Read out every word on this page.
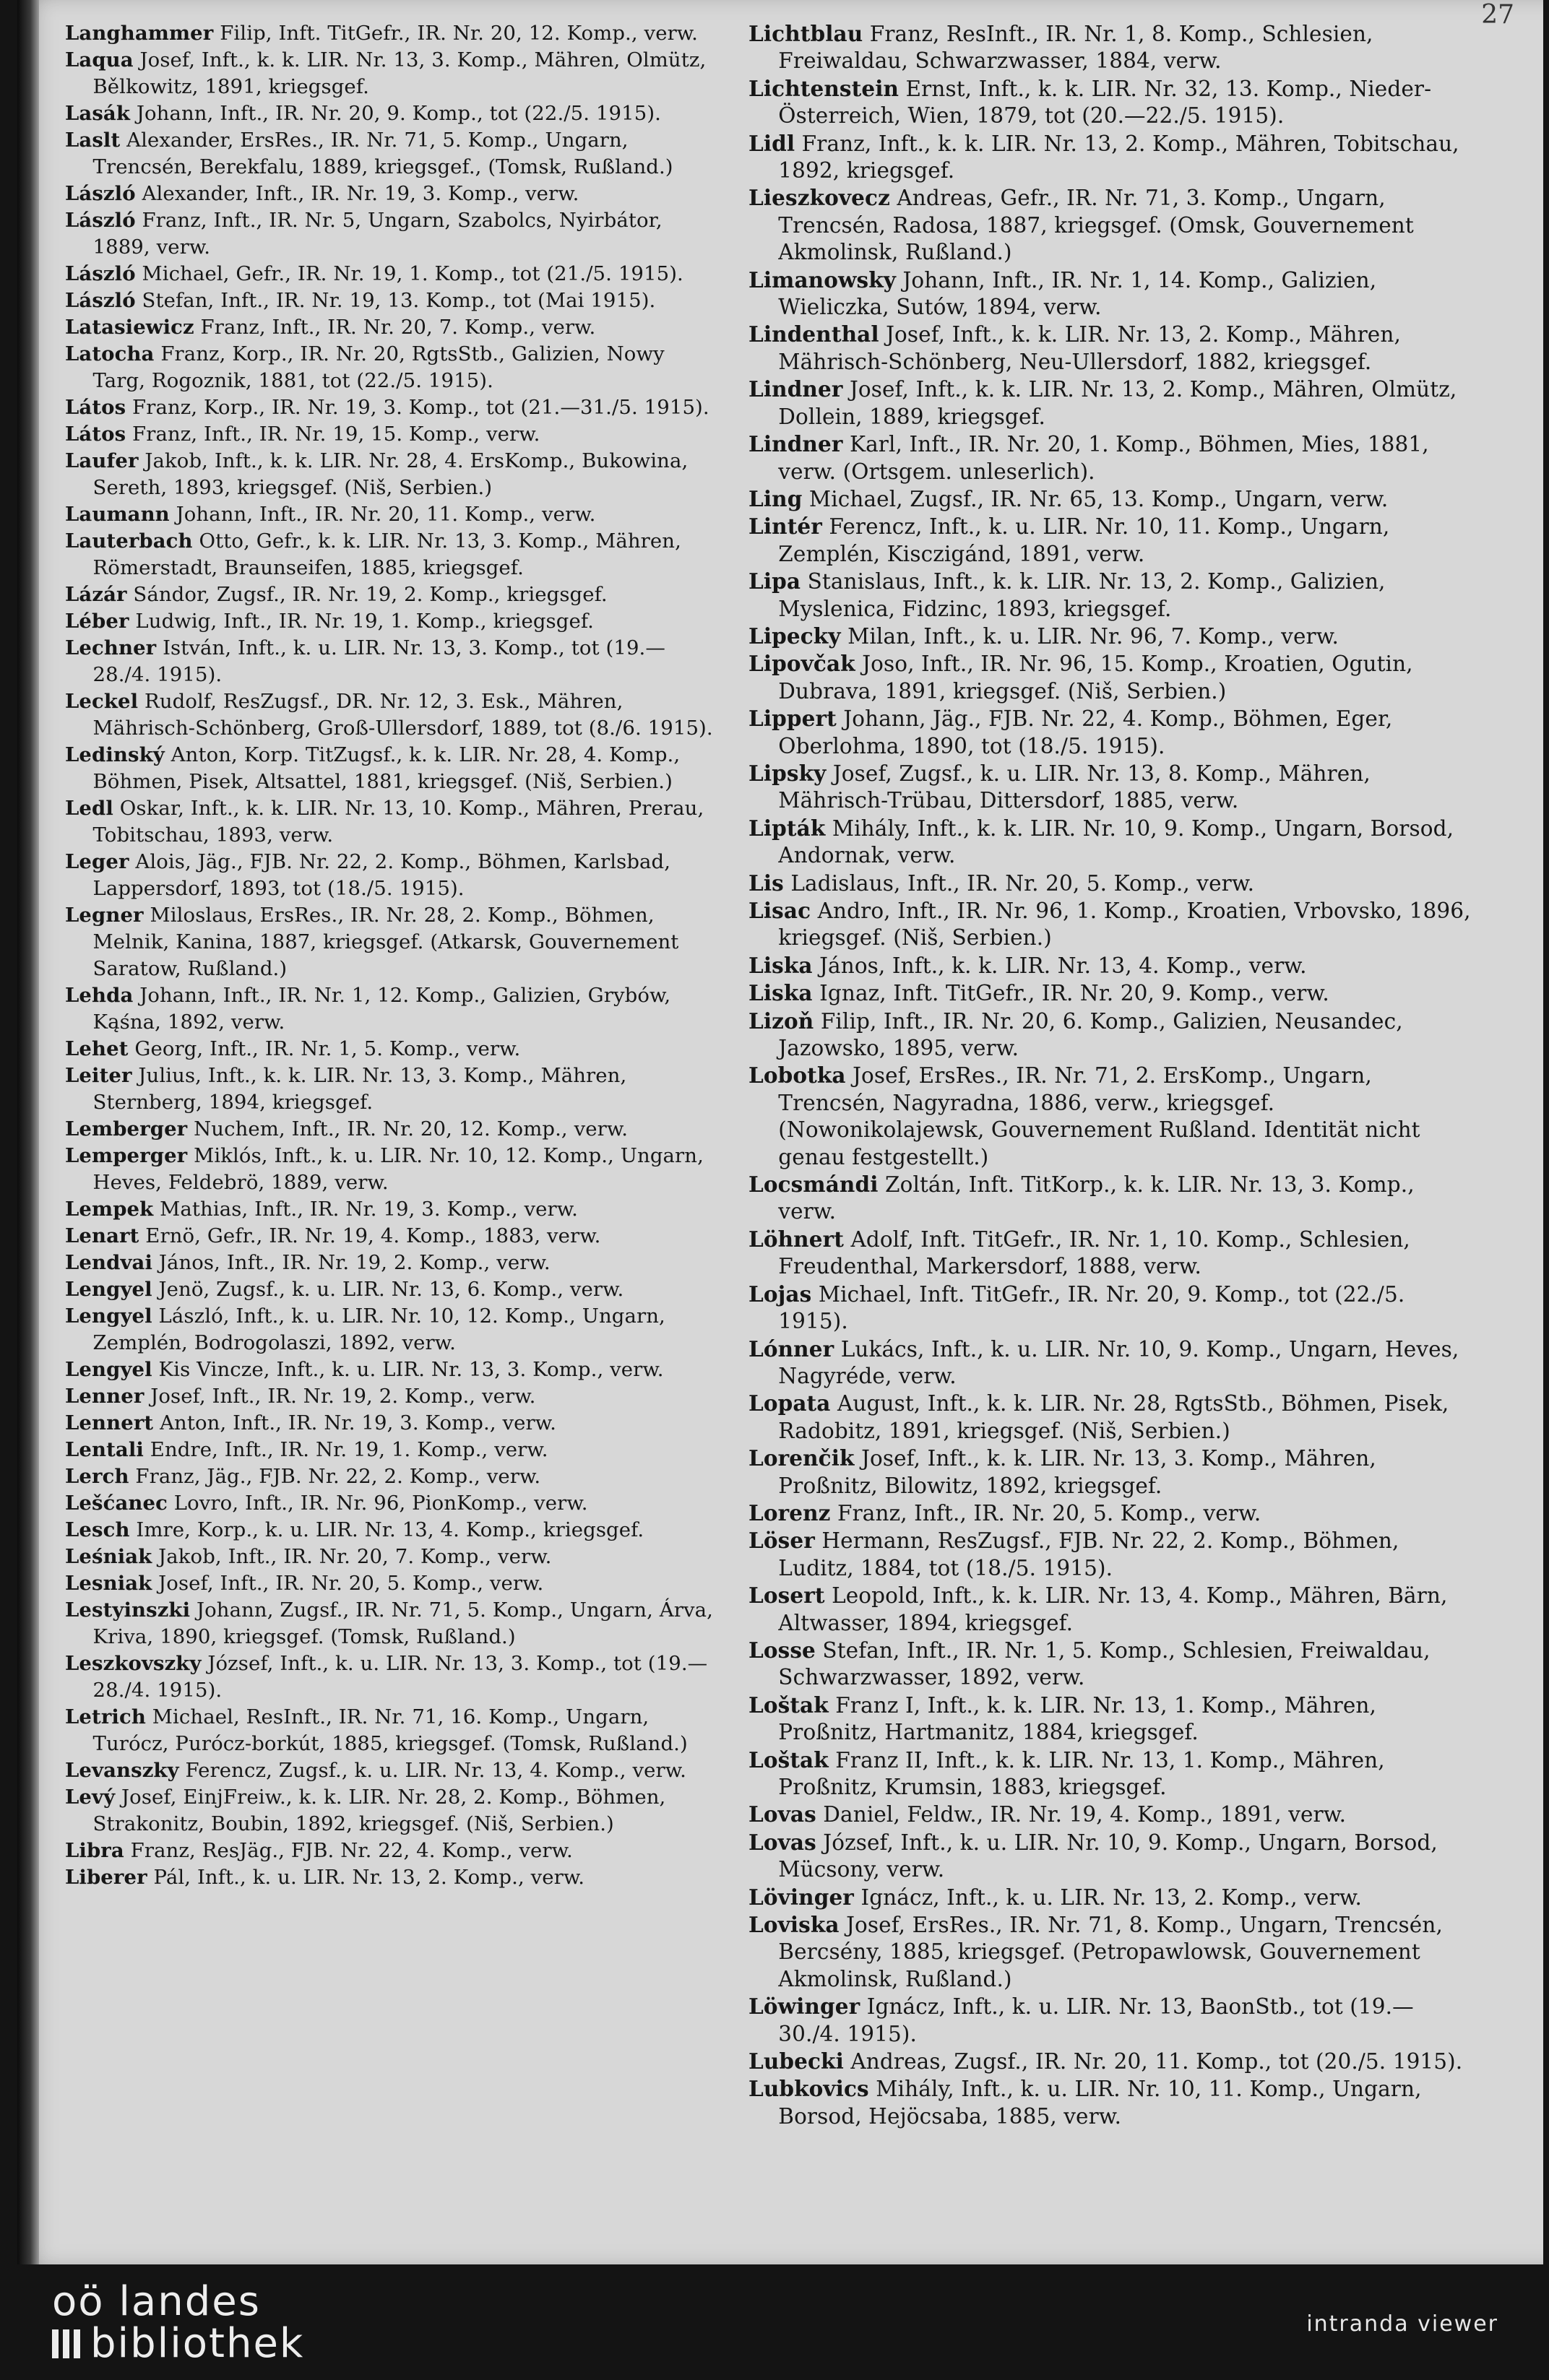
27

Langhammer Filip, Inft. TitGefr., IR. Nr. 20, 12. Komp., verw.

Laqua Josef, Inft., k. k. LIR. Nr. 13, 3. Komp., Mähren, Olmütz, Bělkowitz, 1891, kriegsgef.

Lasák Johann, Inft., IR. Nr. 20, 9. Komp., tot (22./5. 1915).

Laslt Alexander, ErsRes., IR. Nr. 71, 5. Komp., Ungarn, Trencsén, Berekfalu, 1889, kriegsgef., (Tomsk, Rußland.)

László Alexander, Inft., IR. Nr. 19, 3. Komp., verw.

László Franz, Inft., IR. Nr. 5, Ungarn, Szabolcs, Nyirbátor, 1889, verw.

László Michael, Gefr., IR. Nr. 19, 1. Komp., tot (21./5. 1915).

László Stefan, Inft., IR. Nr. 19, 13. Komp., tot (Mai 1915).

Latasiewicz Franz, Inft., IR. Nr. 20, 7. Komp., verw.

Latocha Franz, Korp., IR. Nr. 20, RgtsStb., Galizien, Nowy Targ, Rogoznik, 1881, tot (22./5. 1915).

Látos Franz, Korp., IR. Nr. 19, 3. Komp., tot (21.—31./5. 1915).

Látos Franz, Inft., IR. Nr. 19, 15. Komp., verw.

Laufer Jakob, Inft., k. k. LIR. Nr. 28, 4. ErsKomp., Bukowina, Sereth, 1893, kriegsgef. (Niš, Serbien.)

Laumann Johann, Inft., IR. Nr. 20, 11. Komp., verw.

Lauterbach Otto, Gefr., k. k. LIR. Nr. 13, 3. Komp., Mähren, Römerstadt, Braunseifen, 1885, kriegsgef.

Lázár Sándor, Zugsf., IR. Nr. 19, 2. Komp., kriegsgef.

Léber Ludwig, Inft., IR. Nr. 19, 1. Komp., kriegsgef.

Lechner István, Inft., k. u. LIR. Nr. 13, 3. Komp., tot (19.—28./4. 1915).

Leckel Rudolf, ResZugsf., DR. Nr. 12, 3. Esk., Mähren, Mährisch-Schönberg, Groß-Ullersdorf, 1889, tot (8./6. 1915).

Ledinský Anton, Korp. TitZugsf., k. k. LIR. Nr. 28, 4. Komp., Böhmen, Pisek, Altsattel, 1881, kriegsgef. (Niš, Serbien.)

Ledl Oskar, Inft., k. k. LIR. Nr. 13, 10. Komp., Mähren, Prerau, Tobitschau, 1893, verw.

Leger Alois, Jäg., FJB. Nr. 22, 2. Komp., Böhmen, Karlsbad, Lappersdorf, 1893, tot (18./5. 1915).

Legner Miloslaus, ErsRes., IR. Nr. 28, 2. Komp., Böhmen, Melnik, Kanina, 1887, kriegsgef. (Atkarsk, Gouvernement Saratow, Rußland.)

Lehda Johann, Inft., IR. Nr. 1, 12. Komp., Galizien, Grybów, Kąśna, 1892, verw.

Lehet Georg, Inft., IR. Nr. 1, 5. Komp., verw.

Leiter Julius, Inft., k. k. LIR. Nr. 13, 3. Komp., Mähren, Sternberg, 1894, kriegsgef.

Lemberger Nuchem, Inft., IR. Nr. 20, 12. Komp., verw.

Lemperger Miklós, Inft., k. u. LIR. Nr. 10, 12. Komp., Ungarn, Heves, Feldebrö, 1889, verw.

Lempek Mathias, Inft., IR. Nr. 19, 3. Komp., verw.

Lenart Ernö, Gefr., IR. Nr. 19, 4. Komp., 1883, verw.

Lendvai János, Inft., IR. Nr. 19, 2. Komp., verw.

Lengyel Jenö, Zugsf., k. u. LIR. Nr. 13, 6. Komp., verw.

Lengyel László, Inft., k. u. LIR. Nr. 10, 12. Komp., Ungarn, Zemplén, Bodrogolaszi, 1892, verw.

Lengyel Kis Vincze, Inft., k. u. LIR. Nr. 13, 3. Komp., verw.

Lenner Josef, Inft., IR. Nr. 19, 2. Komp., verw.

Lennert Anton, Inft., IR. Nr. 19, 3. Komp., verw.

Lentali Endre, Inft., IR. Nr. 19, 1. Komp., verw.

Lerch Franz, Jäg., FJB. Nr. 22, 2. Komp., verw.

Lešćanec Lovro, Inft., IR. Nr. 96, PionKomp., verw.

Lesch Imre, Korp., k. u. LIR. Nr. 13, 4. Komp., kriegsgef.

Leśniak Jakob, Inft., IR. Nr. 20, 7. Komp., verw.

Lesniak Josef, Inft., IR. Nr. 20, 5. Komp., verw.

Lestyinszki Johann, Zugsf., IR. Nr. 71, 5. Komp., Ungarn, Árva, Kriva, 1890, kriegsgef. (Tomsk, Rußland.)

Leszkovszky József, Inft., k. u. LIR. Nr. 13, 3. Komp., tot (19.—28./4. 1915).

Letrich Michael, ResInft., IR. Nr. 71, 16. Komp., Ungarn, Turócz, Purócz-borkút, 1885, kriegsgef. (Tomsk, Rußland.)

Levanszky Ferencz, Zugsf., k. u. LIR. Nr. 13, 4. Komp., verw.

Levý Josef, EinjFreiw., k. k. LIR. Nr. 28, 2. Komp., Böhmen, Strakonitz, Boubin, 1892, kriegsgef. (Niš, Serbien.)

Libra Franz, ResJäg., FJB. Nr. 22, 4. Komp., verw.

Liberer Pál, Inft., k. u. LIR. Nr. 13, 2. Komp., verw.

Lichtblau Franz, ResInft., IR. Nr. 1, 8. Komp., Schlesien, Freiwaldau, Schwarzwasser, 1884, verw.

Lichtenstein Ernst, Inft., k. k. LIR. Nr. 32, 13. Komp., Nieder-Österreich, Wien, 1879, tot (20.—22./5. 1915).

Lidl Franz, Inft., k. k. LIR. Nr. 13, 2. Komp., Mähren, Tobitschau, 1892, kriegsgef.

Lieszkovecz Andreas, Gefr., IR. Nr. 71, 3. Komp., Ungarn, Trencsén, Radosa, 1887, kriegsgef. (Omsk, Gouvernement Akmolinsk, Rußland.)

Limanowsky Johann, Inft., IR. Nr. 1, 14. Komp., Galizien, Wieliczka, Sutów, 1894, verw.

Lindenthal Josef, Inft., k. k. LIR. Nr. 13, 2. Komp., Mähren, Mährisch-Schönberg, Neu-Ullersdorf, 1882, kriegsgef.

Lindner Josef, Inft., k. k. LIR. Nr. 13, 2. Komp., Mähren, Olmütz, Dollein, 1889, kriegsgef.

Lindner Karl, Inft., IR. Nr. 20, 1. Komp., Böhmen, Mies, 1881, verw. (Ortsgem. unleserlich).

Ling Michael, Zugsf., IR. Nr. 65, 13. Komp., Ungarn, verw.

Lintér Ferencz, Inft., k. u. LIR. Nr. 10, 11. Komp., Ungarn, Zemplén, Kisczigánd, 1891, verw.

Lipa Stanislaus, Inft., k. k. LIR. Nr. 13, 2. Komp., Galizien, Myslenica, Fidzinc, 1893, kriegsgef.

Lipecky Milan, Inft., k. u. LIR. Nr. 96, 7. Komp., verw.

Lipovčak Joso, Inft., IR. Nr. 96, 15. Komp., Kroatien, Ogutin, Dubrava, 1891, kriegsgef. (Niš, Serbien.)

Lippert Johann, Jäg., FJB. Nr. 22, 4. Komp., Böhmen, Eger, Oberlohma, 1890, tot (18./5. 1915).

Lipsky Josef, Zugsf., k. u. LIR. Nr. 13, 8. Komp., Mähren, Mährisch-Trübau, Dittersdorf, 1885, verw.

Lipták Mihály, Inft., k. k. LIR. Nr. 10, 9. Komp., Ungarn, Borsod, Andornak, verw.

Lis Ladislaus, Inft., IR. Nr. 20, 5. Komp., verw.

Lisac Andro, Inft., IR. Nr. 96, 1. Komp., Kroatien, Vrbovsko, 1896, kriegsgef. (Niš, Serbien.)

Liska János, Inft., k. k. LIR. Nr. 13, 4. Komp., verw.

Liska Ignaz, Inft. TitGefr., IR. Nr. 20, 9. Komp., verw.

Lizoň Filip, Inft., IR. Nr. 20, 6. Komp., Galizien, Neusandec, Jazowsko, 1895, verw.

Lobotka Josef, ErsRes., IR. Nr. 71, 2. ErsKomp., Ungarn, Trencsén, Nagyradna, 1886, verw., kriegsgef. (Nowonikolajewsk, Gouvernement Rußland. Identität nicht genau festgestellt.)

Locsmándi Zoltán, Inft. TitKorp., k. k. LIR. Nr. 13, 3. Komp., verw.

Löhnert Adolf, Inft. TitGefr., IR. Nr. 1, 10. Komp., Schlesien, Freudenthal, Markersdorf, 1888, verw.

Lojas Michael, Inft. TitGefr., IR. Nr. 20, 9. Komp., tot (22./5. 1915).

Lónner Lukács, Inft., k. u. LIR. Nr. 10, 9. Komp., Ungarn, Heves, Nagyréde, verw.

Lopata August, Inft., k. k. LIR. Nr. 28, RgtsStb., Böhmen, Pisek, Radobitz, 1891, kriegsgef. (Niš, Serbien.)

Lorenčik Josef, Inft., k. k. LIR. Nr. 13, 3. Komp., Mähren, Proßnitz, Bilowitz, 1892, kriegsgef.

Lorenz Franz, Inft., IR. Nr. 20, 5. Komp., verw.

Löser Hermann, ResZugsf., FJB. Nr. 22, 2. Komp., Böhmen, Luditz, 1884, tot (18./5. 1915).

Losert Leopold, Inft., k. k. LIR. Nr. 13, 4. Komp., Mähren, Bärn, Altwasser, 1894, kriegsgef.

Losse Stefan, Inft., IR. Nr. 1, 5. Komp., Schlesien, Freiwaldau, Schwarzwasser, 1892, verw.

Loštak Franz I, Inft., k. k. LIR. Nr. 13, 1. Komp., Mähren, Proßnitz, Hartmanitz, 1884, kriegsgef.

Loštak Franz II, Inft., k. k. LIR. Nr. 13, 1. Komp., Mähren, Proßnitz, Krumsin, 1883, kriegsgef.

Lovas Daniel, Feldw., IR. Nr. 19, 4. Komp., 1891, verw.

Lovas József, Inft., k. u. LIR. Nr. 10, 9. Komp., Ungarn, Borsod, Mücsony, verw.

Lövinger Ignácz, Inft., k. u. LIR. Nr. 13, 2. Komp., verw.

Loviska Josef, ErsRes., IR. Nr. 71, 8. Komp., Ungarn, Trencsén, Bercsény, 1885, kriegsgef. (Petropawlowsk, Gouvernement Akmolinsk, Rußland.)

Löwinger Ignácz, Inft., k. u. LIR. Nr. 13, BaonStb., tot (19.—30./4. 1915).

Lubecki Andreas, Zugsf., IR. Nr. 20, 11. Komp., tot (20./5. 1915).

Lubkovics Mihály, Inft., k. u. LIR. Nr. 10, 11. Komp., Ungarn, Borsod, Hejöcsaba, 1885, verw.

oö landes
bibliothek	intranda viewer
